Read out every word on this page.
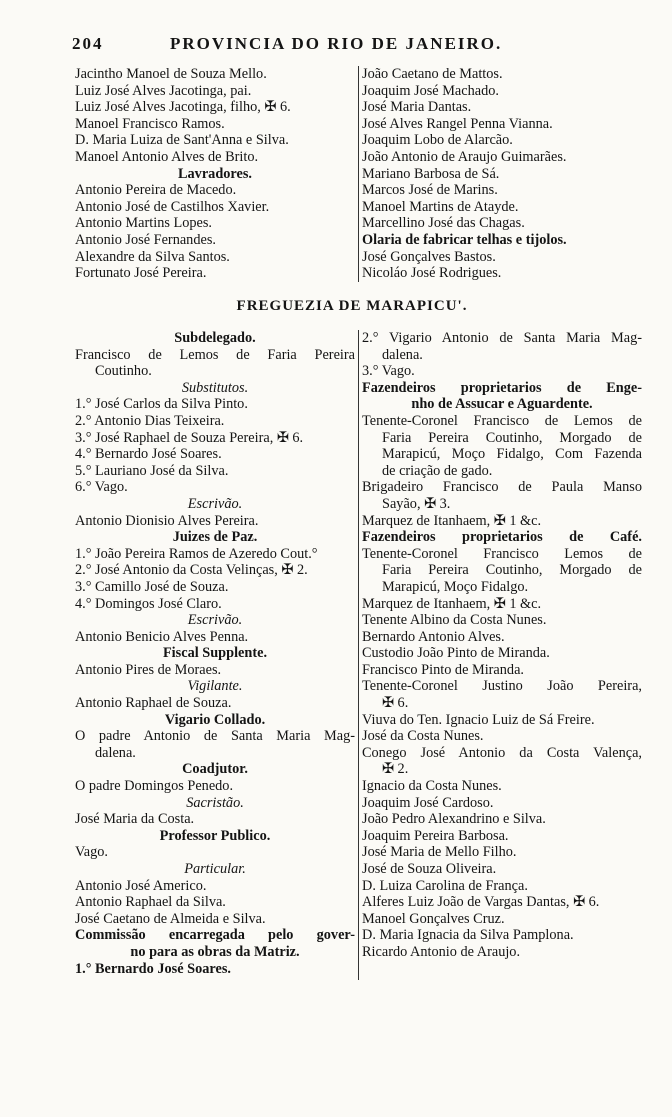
204	PROVINCIA DO RIO DE JANEIRO.
Jacintho Manoel de Souza Mello.
Luiz José Alves Jacotinga, pai.
Luiz José Alves Jacotinga, filho, ✠ 6.
Manoel Francisco Ramos.
D. Maria Luiza de Sant'Anna e Silva.
Manoel Antonio Alves de Brito.
Lavradores.
Antonio Pereira de Macedo.
Antonio José de Castilhos Xavier.
Antonio Martins Lopes.
Antonio José Fernandes.
Alexandre da Silva Santos.
Fortunato José Pereira.
João Caetano de Mattos.
Joaquim José Machado.
José Maria Dantas.
José Alves Rangel Penna Vianna.
Joaquim Lobo de Alarcão.
João Antonio de Araujo Guimarães.
Mariano Barbosa de Sá.
Marcos José de Marins.
Manoel Martins de Atayde.
Marcellino José das Chagas.
Olaria de fabricar telhas e tijolos.
José Gonçalves Bastos.
Nicoláo José Rodrigues.
FREGUEZIA DE MARAPICU'.
Subdelegado.
Francisco de Lemos de Faria Pereira
Coutinho.
Substitutos.
1.° José Carlos da Silva Pinto.
2.° Antonio Dias Teixeira.
3.° José Raphael de Souza Pereira, ✠ 6.
4.° Bernardo José Soares.
5.° Lauriano José da Silva.
6.° Vago.
Escrivão.
Antonio Dionisio Alves Pereira.
Juizes de Paz.
1.° João Pereira Ramos de Azeredo Cout.°
2.° José Antonio da Costa Velinças, ✠ 2.
3.° Camillo José de Souza.
4.° Domingos José Claro.
Escrivão.
Antonio Benicio Alves Penna.
Fiscal Supplente.
Antonio Pires de Moraes.
Vigilante.
Antonio Raphael de Souza.
Vigario Collado.
O padre Antonio de Santa Maria Mag-
dalena.
Coadjutor.
O padre Domingos Penedo.
Sacristão.
José Maria da Costa.
Professor Publico.
Vago.
Particular.
Antonio José Americo.
Antonio Raphael da Silva.
José Caetano de Almeida e Silva.
Commissão encarregada pelo gover-
no para as obras da Matriz.
1.° Bernardo José Soares.
2.° Vigario Antonio de Santa Maria Mag-
dalena.
3.° Vago.
Fazendeiros proprietarios de Enge-
nho de Assucar e Aguardente.
Tenente-Coronel Francisco de Lemos de
Faria Pereira Coutinho, Morgado de
Marapicú, Moço Fidalgo, Com Fazenda
de criação de gado.
Brigadeiro Francisco de Paula Manso
Sayão, ✠ 3.
Marquez de Itanhaem, ✠ 1 &c.
Fazendeiros proprietarios de Café.
Tenente-Coronel Francisco Lemos de
Faria Pereira Coutinho, Morgado de
Marapicú, Moço Fidalgo.
Marquez de Itanhaem, ✠ 1 &c.
Tenente Albino da Costa Nunes.
Bernardo Antonio Alves.
Custodio João Pinto de Miranda.
Francisco Pinto de Miranda.
Tenente-Coronel Justino João Pereira,
✠ 6.
Viuva do Ten. Ignacio Luiz de Sá Freire.
José da Costa Nunes.
Conego José Antonio da Costa Valença,
✠ 2.
Ignacio da Costa Nunes.
Joaquim José Cardoso.
João Pedro Alexandrino e Silva.
Joaquim Pereira Barbosa.
José Maria de Mello Filho.
José de Souza Oliveira.
D. Luiza Carolina de França.
Alferes Luiz João de Vargas Dantas, ✠ 6.
Manoel Gonçalves Cruz.
D. Maria Ignacia da Silva Pamplona.
Ricardo Antonio de Araujo.
